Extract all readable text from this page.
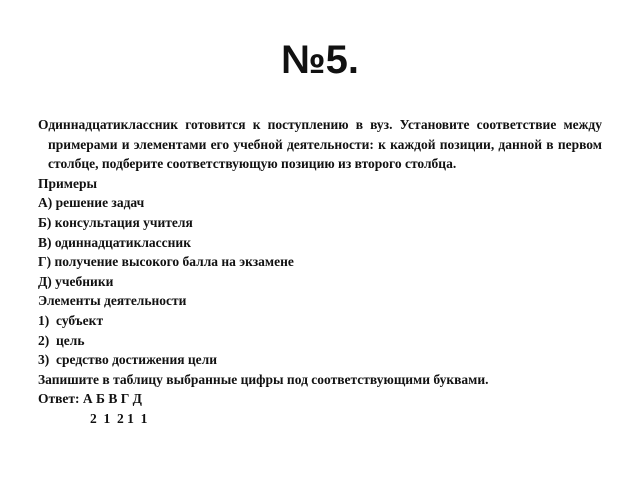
№5.

Одиннадцатиклассник готовится к поступлению в вуз. Установите соответствие между примерами и элементами его учебной деятельности: к каждой позиции, данной в первом столбце, подберите соответствующую позицию из второго столбца.

Примеры

А) решение задач

Б) консультация учителя

В) одиннадцатиклассник

Г) получение высокого балла на экзамене

Д) учебники

Элементы деятельности

1) субъект

2) цель

3) средство достижения цели

Запишите в таблицу выбранные цифры под соответствующими буквами.

Ответ: А Б В Г Д

2  1  2 1  1
